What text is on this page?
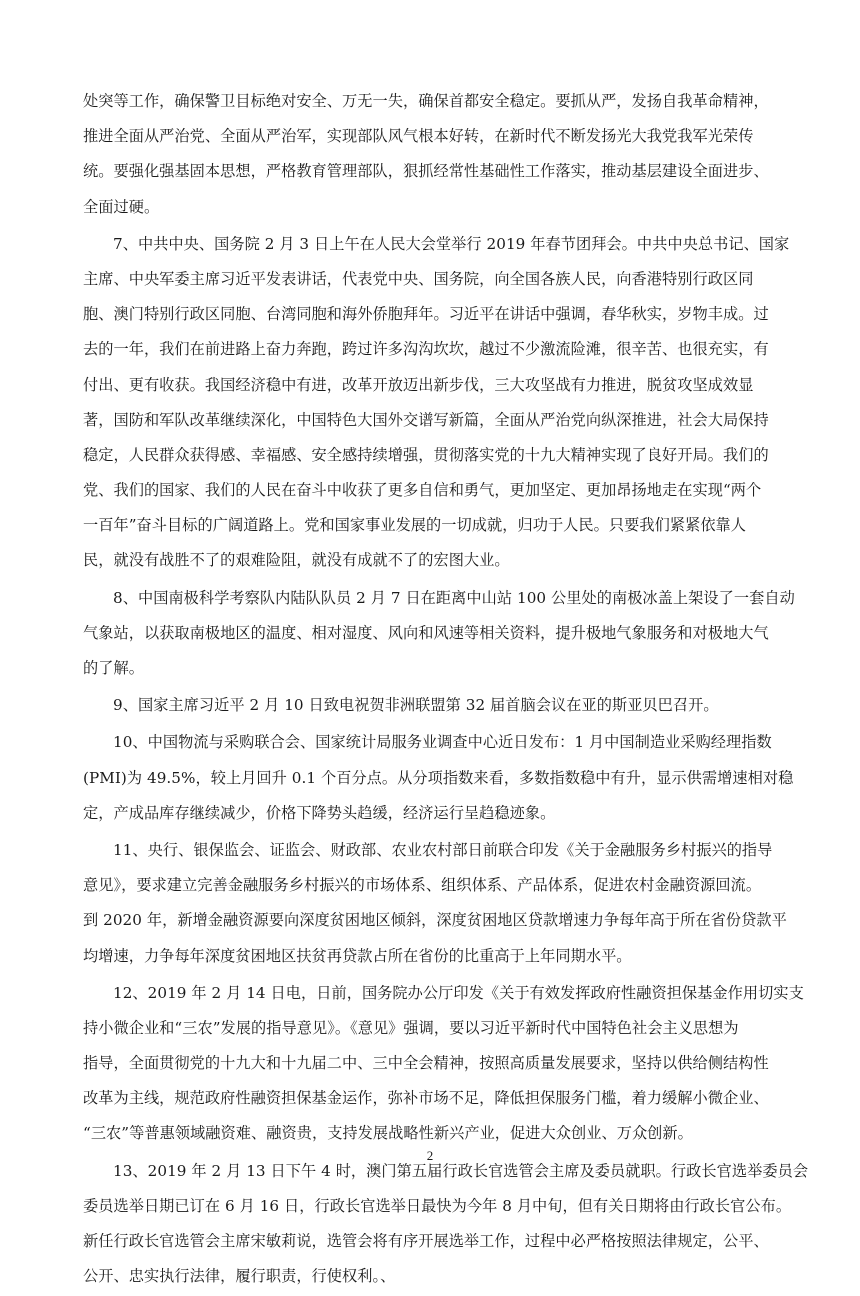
处突等工作，确保警卫目标绝对安全、万无一失，确保首都安全稳定。要抓从严，发扬自我革命精神，
推进全面从严治党、全面从严治军，实现部队风气根本好转，在新时代不断发扬光大我党我军光荣传
统。要强化强基固本思想，严格教育管理部队，狠抓经常性基础性工作落实，推动基层建设全面进步、
全面过硬。
7、中共中央、国务院 2 月 3 日上午在人民大会堂举行 2019 年春节团拜会。中共中央总书记、国家
主席、中央军委主席习近平发表讲话，代表党中央、国务院，向全国各族人民，向香港特别行政区同
胞、澳门特别行政区同胞、台湾同胞和海外侨胞拜年。习近平在讲话中强调，春华秋实，岁物丰成。过
去的一年，我们在前进路上奋力奔跑，跨过许多沟沟坎坎，越过不少激流险滩，很辛苦、也很充实，有
付出、更有收获。我国经济稳中有进，改革开放迈出新步伐，三大攻坚战有力推进，脱贫攻坚成效显
著，国防和军队改革继续深化，中国特色大国外交谱写新篇，全面从严治党向纵深推进，社会大局保持
稳定，人民群众获得感、幸福感、安全感持续增强，贯彻落实党的十九大精神实现了良好开局。我们的
党、我们的国家、我们的人民在奋斗中收获了更多自信和勇气，更加坚定、更加昂扬地走在实现“两个
一百年”奋斗目标的广阔道路上。党和国家事业发展的一切成就，归功于人民。只要我们紧紧依靠人
民，就没有战胜不了的艰难险阻，就没有成就不了的宏图大业。
8、中国南极科学考察队内陆队队员 2 月 7 日在距离中山站 100 公里处的南极冰盖上架设了一套自动
气象站，以获取南极地区的温度、相对湿度、风向和风速等相关资料，提升极地气象服务和对极地大气
的了解。
9、国家主席习近平 2 月 10 日致电祝贺非洲联盟第 32 届首脑会议在亚的斯亚贝巴召开。
10、中国物流与采购联合会、国家统计局服务业调查中心近日发布：1 月中国制造业采购经理指数
(PMI)为 49.5%，较上月回升 0.1 个百分点。从分项指数来看，多数指数稳中有升，显示供需增速相对稳
定，产成品库存继续减少，价格下降势头趋缓，经济运行呈趋稳迹象。
11、央行、银保监会、证监会、财政部、农业农村部日前联合印发《关于金融服务乡村振兴的指导
意见》，要求建立完善金融服务乡村振兴的市场体系、组织体系、产品体系，促进农村金融资源回流。
到 2020 年，新增金融资源要向深度贫困地区倾斜，深度贫困地区贷款增速力争每年高于所在省份贷款平
均增速，力争每年深度贫困地区扶贫再贷款占所在省份的比重高于上年同期水平。
12、2019 年 2 月 14 日电，日前，国务院办公厅印发《关于有效发挥政府性融资担保基金作用切实支
持小微企业和“三农”发展的指导意见》。《意见》强调，要以习近平新时代中国特色社会主义思想为
指导，全面贯彻党的十九大和十九届二中、三中全会精神，按照高质量发展要求，坚持以供给侧结构性
改革为主线，规范政府性融资担保基金运作，弥补市场不足，降低担保服务门槛，着力缓解小微企业、
“三农”等普惠领域融资难、融资贵，支持发展战略性新兴产业，促进大众创业、万众创新。
13、2019 年 2 月 13 日下午 4 时，澳门第五届行政长官选管会主席及委员就职。行政长官选举委员会
委员选举日期已订在 6 月 16 日，行政长官选举日最快为今年 8 月中旬，但有关日期将由行政长官公布。
新任行政长官选管会主席宋敏莉说，选管会将有序开展选举工作，过程中必严格按照法律规定，公平、
公开、忠实执行法律，履行职责，行使权利。、
2
